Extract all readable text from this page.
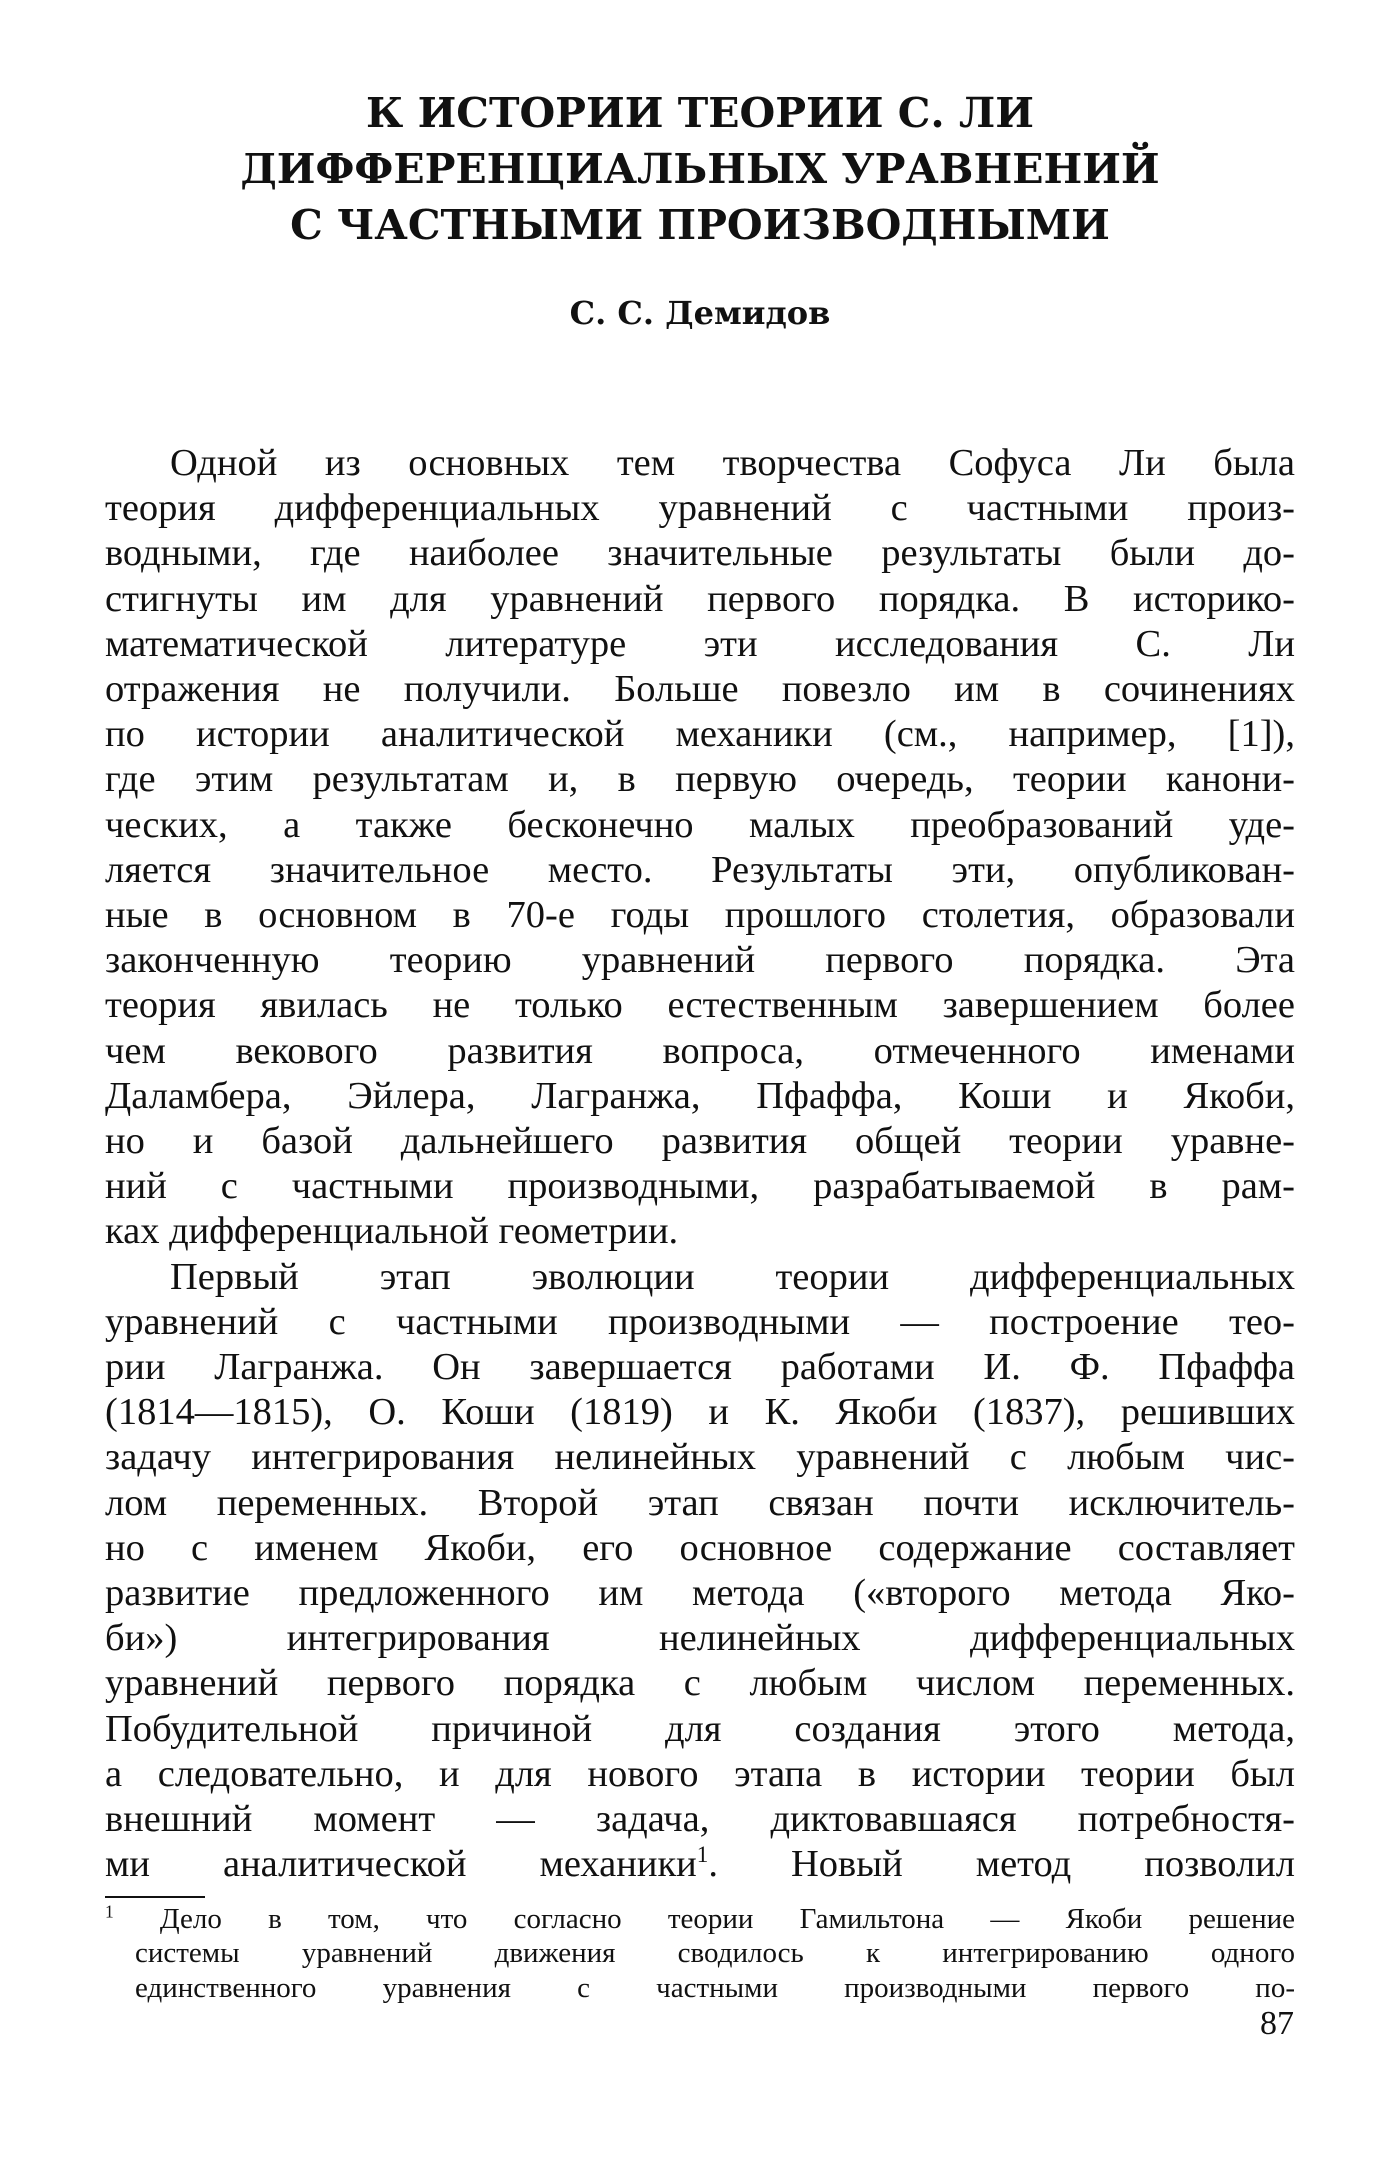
К ИСТОРИИ ТЕОРИИ С. ЛИ
ДИФФЕРЕНЦИАЛЬНЫХ УРАВНЕНИЙ
С ЧАСТНЫМИ ПРОИЗВОДНЫМИ
С. С. Демидов
Одной из основных тем творчества Софуса Ли была
теория дифференциальных уравнений с частными произ-
водными, где наиболее значительные результаты были до-
стигнуты им для уравнений первого порядка. В историко-
математической литературе эти исследования С. Ли
отражения не получили. Больше повезло им в сочинениях
по истории аналитической механики (см., например, [1]),
где этим результатам и, в первую очередь, теории канони-
ческих, а также бесконечно малых преобразований уде-
ляется значительное место. Результаты эти, опубликован-
ные в основном в 70-е годы прошлого столетия, образовали
законченную теорию уравнений первого порядка. Эта
теория явилась не только естественным завершением более
чем векового развития вопроса, отмеченного именами
Даламбера, Эйлера, Лагранжа, Пфаффа, Коши и Якоби,
но и базой дальнейшего развития общей теории уравне-
ний с частными производными, разрабатываемой в рам-
ках дифференциальной геометрии.
Первый этап эволюции теории дифференциальных
уравнений с частными производными — построение тео-
рии Лагранжа. Он завершается работами И. Ф. Пфаффа
(1814—1815), О. Коши (1819) и К. Якоби (1837), решивших
задачу интегрирования нелинейных уравнений с любым чис-
лом переменных. Второй этап связан почти исключитель-
но с именем Якоби, его основное содержание составляет
развитие предложенного им метода («второго метода Яко-
би») интегрирования нелинейных дифференциальных
уравнений первого порядка с любым числом переменных.
Побудительной причиной для создания этого метода,
а следовательно, и для нового этапа в истории теории был
внешний момент — задача, диктовавшаяся потребностя-
ми аналитической механики$^1$. Новый метод позволил
$^1$ Дело в том, что согласно теории Гамильтона — Якоби решение
системы уравнений движения сводилось к интегрированию одного
единственного уравнения с частными производными первого по-
87
